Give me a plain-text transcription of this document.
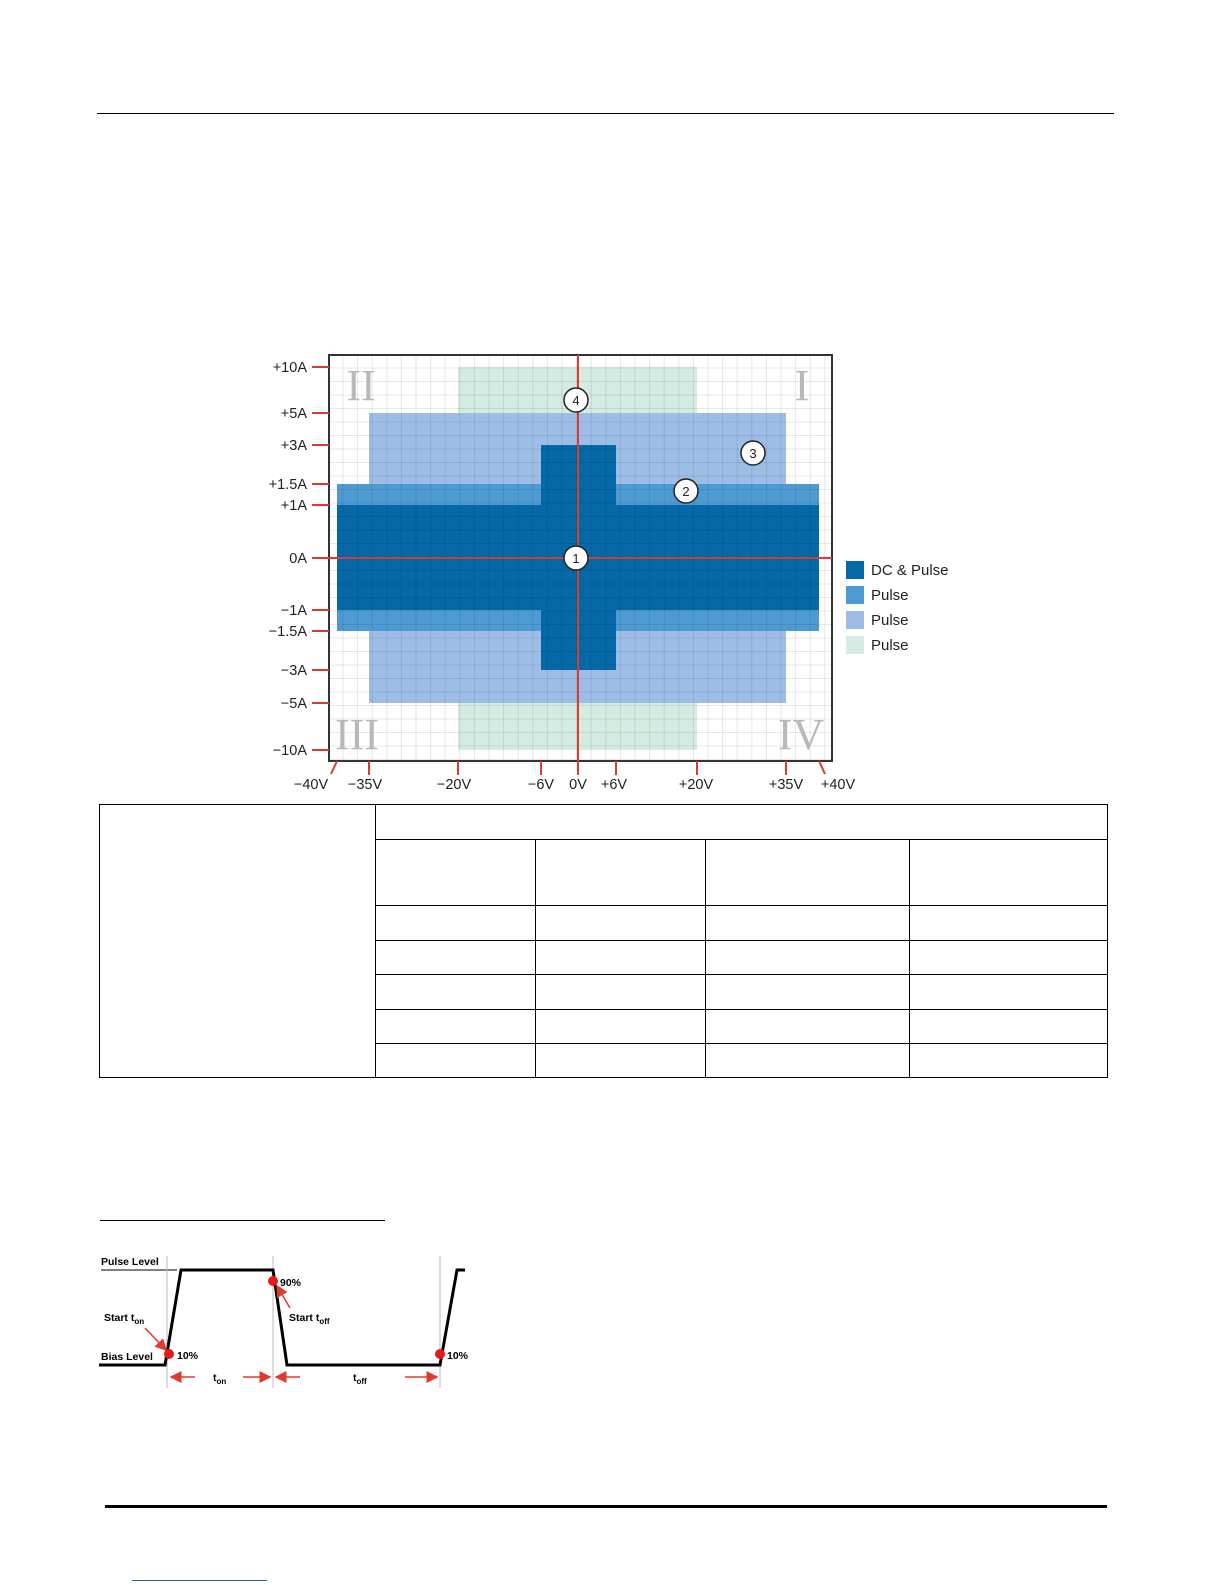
I
II
III	IV
+10A
+5A
+3A
+1.5A
+1A
0A
−1A
−1.5A
−3A
−5A
−10A
−40V −35V	−20V	−6V 0V +6V	+20V	+35V +40V
4
3
2
1
DC & Pulse
Pulse
Pulse
Pulse
Pulse Level
Bias Level
Start $t_{on}$	Start $t_{off}$
10%
90%
10%
$t_{on}$	$t_{off}$
